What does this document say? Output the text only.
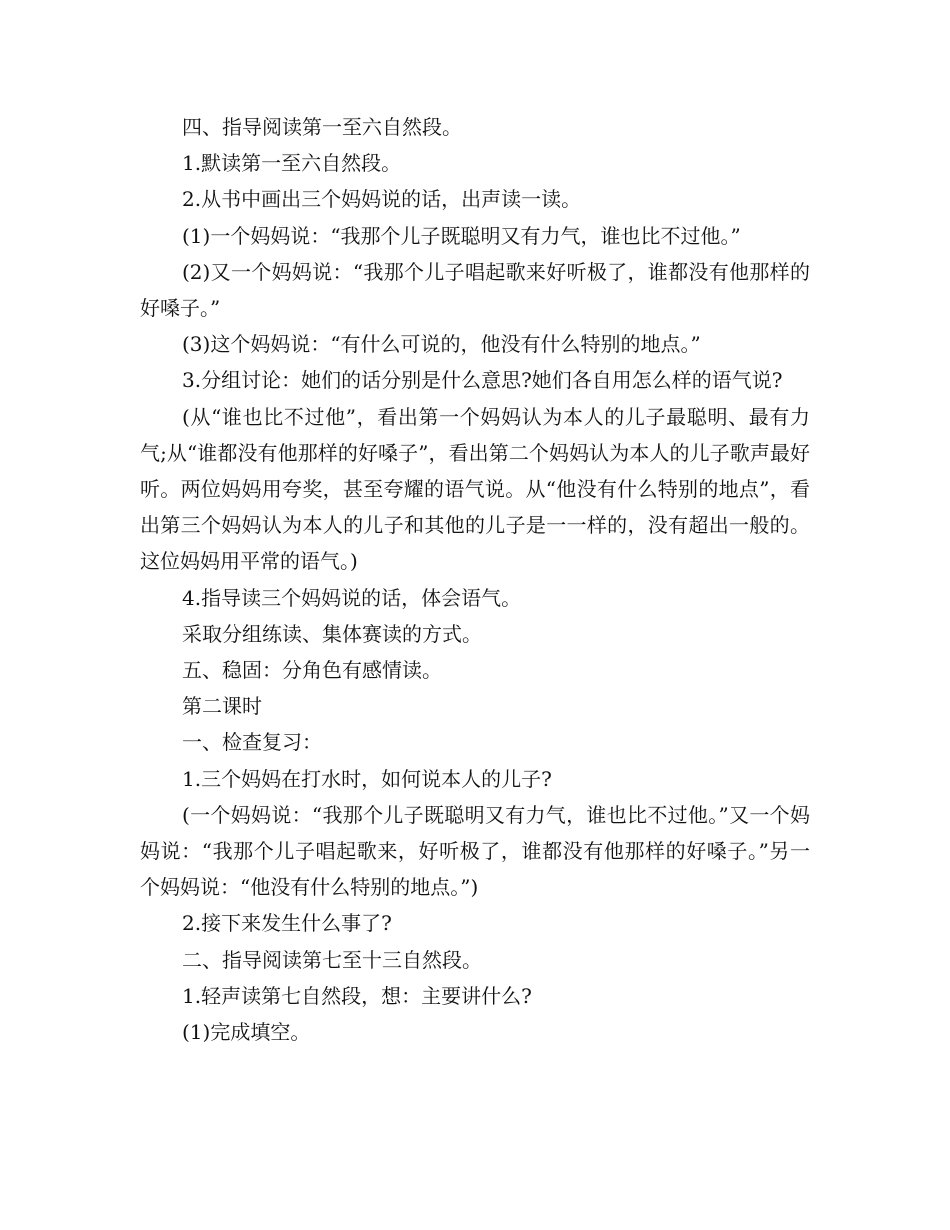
四、指导阅读第一至六自然段。

1.默读第一至六自然段。

2.从书中画出三个妈妈说的话，出声读一读。

(1)一个妈妈说：“我那个儿子既聪明又有力气，谁也比不过他。”

(2)又一个妈妈说：“我那个儿子唱起歌来好听极了，谁都没有他那样的好嗓子。”

(3)这个妈妈说：“有什么可说的，他没有什么特别的地点。”

3.分组讨论：她们的话分别是什么意思?她们各自用怎么样的语气说?

(从“谁也比不过他”，看出第一个妈妈认为本人的儿子最聪明、最有力气;从“谁都没有他那样的好嗓子”，看出第二个妈妈认为本人的儿子歌声最好听。两位妈妈用夸奖，甚至夸耀的语气说。从“他没有什么特别的地点”，看出第三个妈妈认为本人的儿子和其他的儿子是一一样的，没有超出一般的。这位妈妈用平常的语气。)

4.指导读三个妈妈说的话，体会语气。

采取分组练读、集体赛读的方式。

五、稳固：分角色有感情读。

第二课时

一、检查复习：

1.三个妈妈在打水时，如何说本人的儿子?

(一个妈妈说：“我那个儿子既聪明又有力气，谁也比不过他。”又一个妈妈说：“我那个儿子唱起歌来，好听极了，谁都没有他那样的好嗓子。”另一个妈妈说：“他没有什么特别的地点。”)

2.接下来发生什么事了?

二、指导阅读第七至十三自然段。

1.轻声读第七自然段，想：主要讲什么?

(1)完成填空。
